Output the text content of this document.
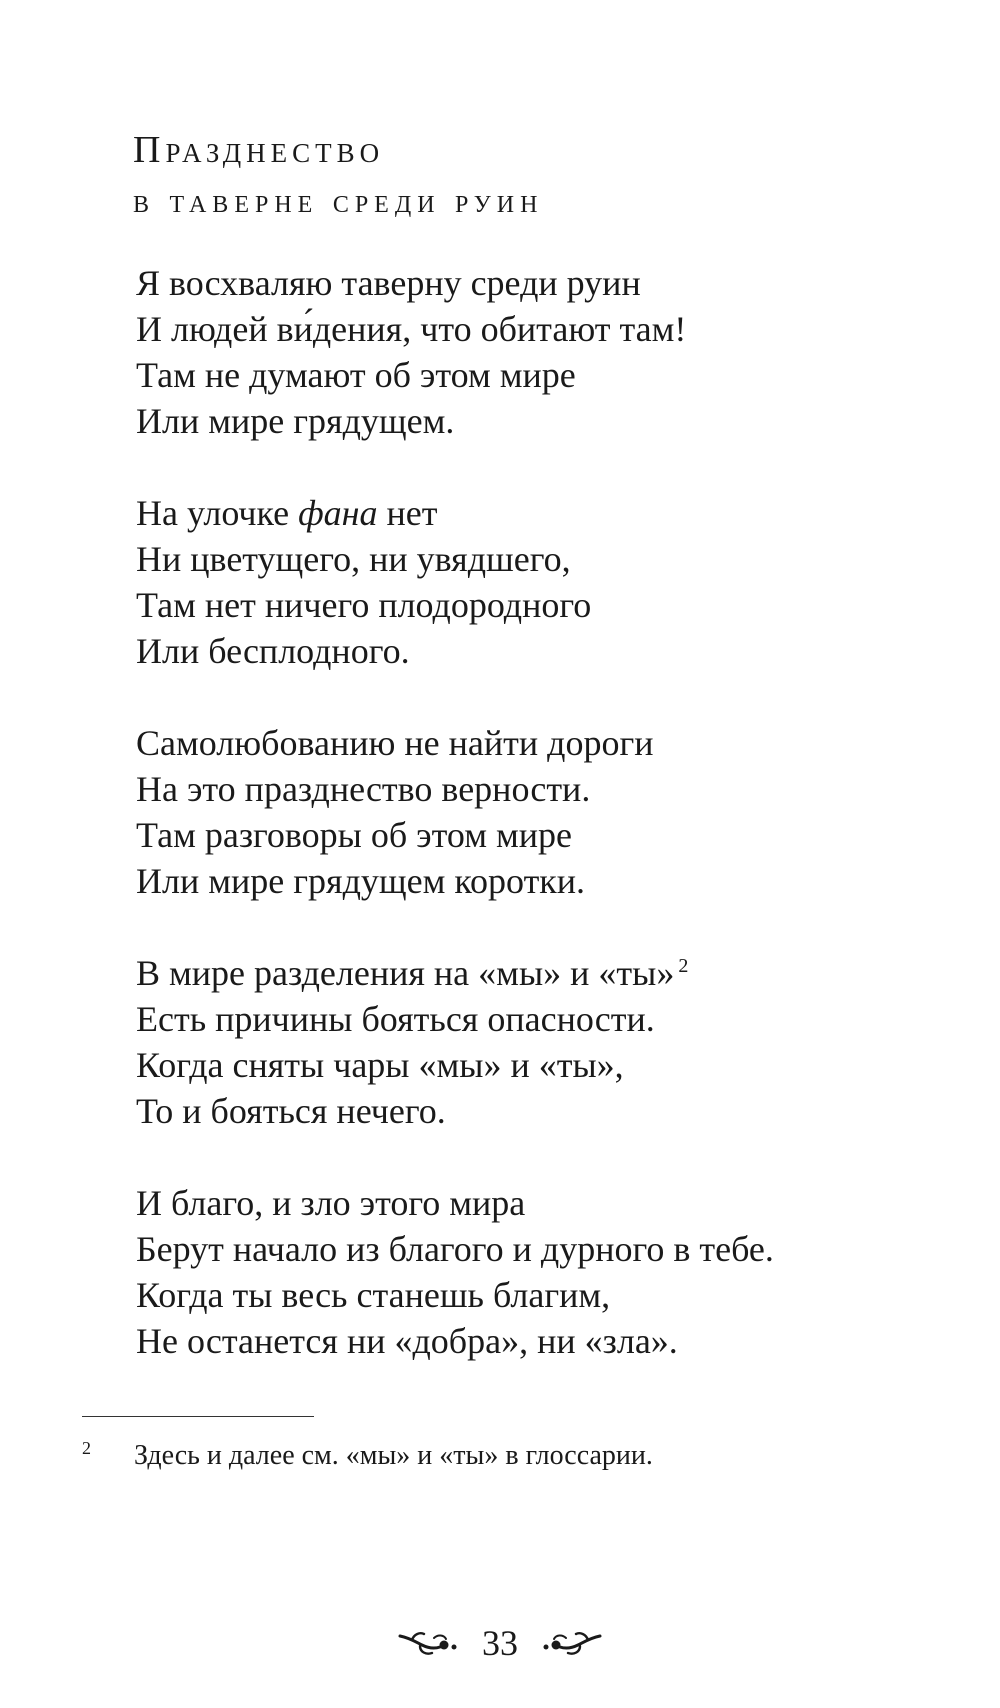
Празднество
в таверне среди руин
Я восхваляю таверну среди руин
И людей ви́дения, что обитают там!
Там не думают об этом мире
Или мире грядущем.
На улочке фана нет
Ни цветущего, ни увядшего,
Там нет ничего плодородного
Или бесплодного.
Самолюбованию не найти дороги
На это празднество верности.
Там разговоры об этом мире
Или мире грядущем коротки.
В мире разделения на «мы» и «ты» $^2$
Есть причины бояться опасности.
Когда сняты чары «мы» и «ты»,
То и бояться нечего.
И благо, и зло этого мира
Берут начало из благого и дурного в тебе.
Когда ты весь станешь благим,
Не останется ни «добра», ни «зла».
2 Здесь и далее см. «мы» и «ты» в глоссарии.
33
